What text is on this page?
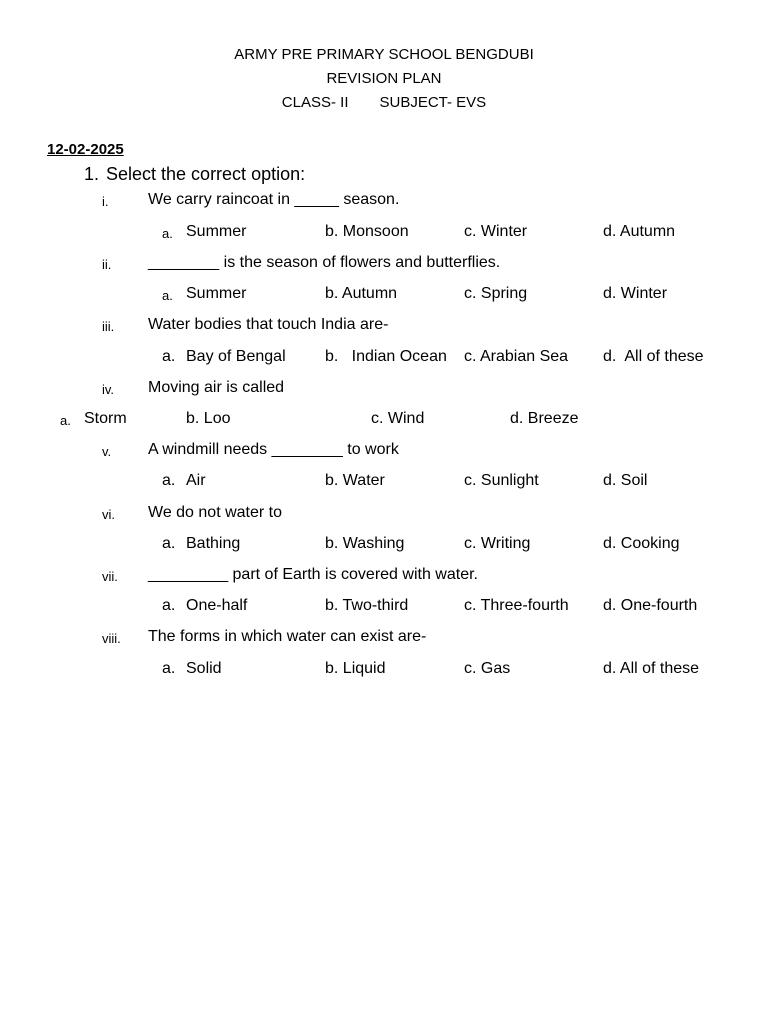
ARMY PRE PRIMARY SCHOOL BENGDUBI
REVISION PLAN
CLASS- II SUBJECT- EVS
12-02-2025
1. Select the correct option:
i. We carry raincoat in _____ season.
a. Summer	b. Monsoon	c. Winter	d. Autumn
ii. ________ is the season of flowers and butterflies.
a. Summer	b. Autumn	c. Spring	d. Winter
iii. Water bodies that touch India are-
a. Bay of Bengal b.   Indian Ocean c. Arabian Sea d.  All of these
iv. Moving air is called
a. Storm	b. Loo	c. Wind	d. Breeze
v. A windmill needs ________ to work
a. Air	b. Water	c. Sunlight	d. Soil
vi. We do not water to
a. Bathing	b. Washing	c. Writing	d. Cooking
vii. _________ part of Earth is covered with water.
a. One-half	b. Two-third	c. Three-fourth d. One-fourth
viii. The forms in which water can exist are-
a. Solid	b. Liquid	c. Gas	d. All of these
